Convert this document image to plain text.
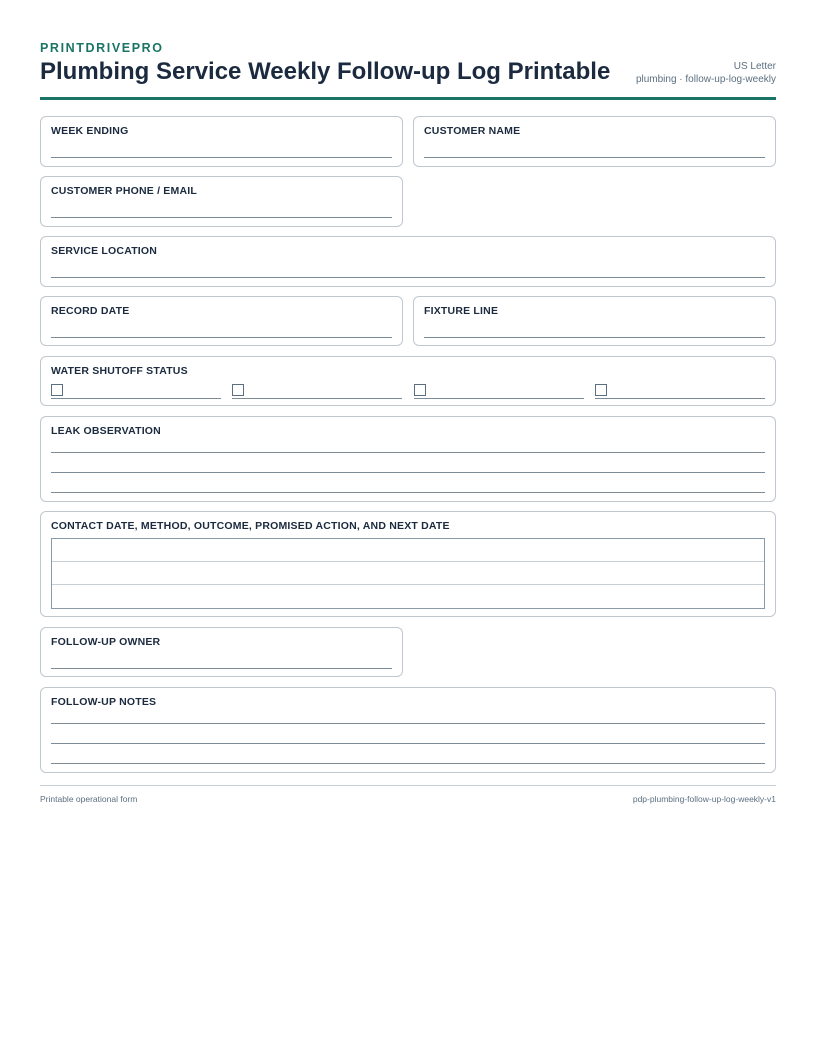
PRINTDRIVEPRO
Plumbing Service Weekly Follow-up Log Printable	US Letter
plumbing · follow-up-log-weekly
WEEK ENDING	CUSTOMER NAME
CUSTOMER PHONE / EMAIL
SERVICE LOCATION
RECORD DATE	FIXTURE LINE
WATER SHUTOFF STATUS
LEAK OBSERVATION
CONTACT DATE, METHOD, OUTCOME, PROMISED ACTION, AND NEXT DATE
FOLLOW-UP OWNER
FOLLOW-UP NOTES
Printable operational form	pdp-plumbing-follow-up-log-weekly-v1
